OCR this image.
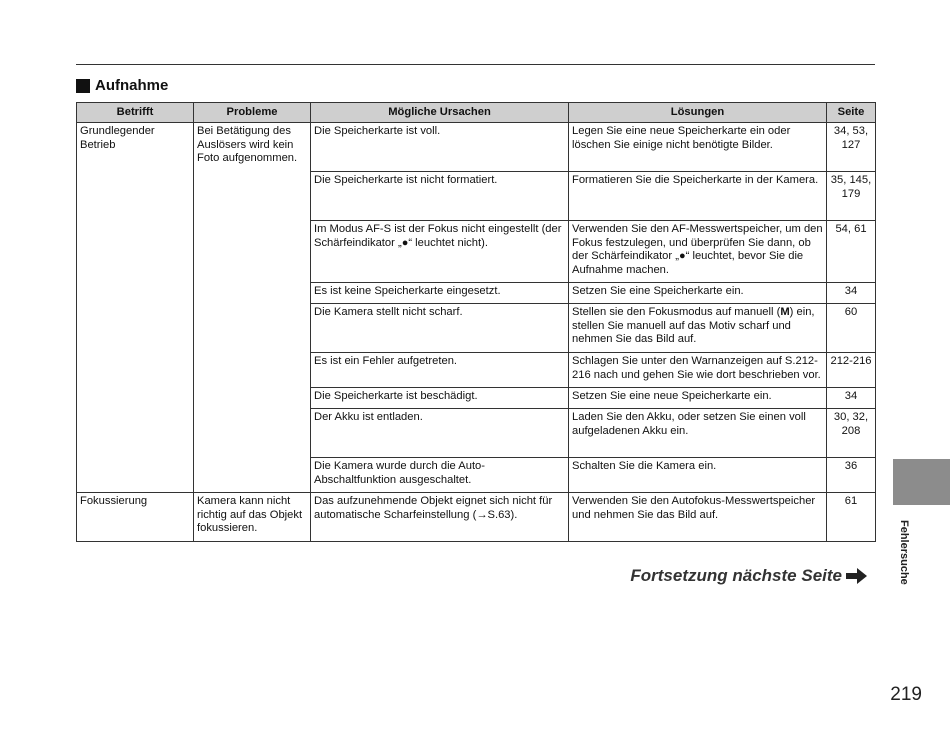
Aufnahme
Betrifft	Probleme	Mögliche Ursachen	Lösungen	Seite
Grundlegender Betrieb	Bei Betätigung des Auslösers wird kein Foto aufgenommen.	Die Speicherkarte ist voll.	Legen Sie eine neue Speicherkarte ein oder löschen Sie einige nicht benötigte Bilder.	34, 53, 127
		Die Speicherkarte ist nicht formatiert.	Formatieren Sie die Speicherkarte in der Kamera.	35, 145, 179
		Im Modus AF-S ist der Fokus nicht eingestellt (der Schärfeindikator „●“ leuchtet nicht).	Verwenden Sie den AF-Messwertspeicher, um den Fokus festzulegen, und überprüfen Sie dann, ob der Schärfeindikator „●“ leuchtet, bevor Sie die Aufnahme machen.	54, 61
		Es ist keine Speicherkarte eingesetzt.	Setzen Sie eine Speicherkarte ein.	34
		Die Kamera stellt nicht scharf.	Stellen sie den Fokusmodus auf manuell (M) ein, stellen Sie manuell auf das Motiv scharf und nehmen Sie das Bild auf.	60
		Es ist ein Fehler aufgetreten.	Schlagen Sie unter den Warnanzeigen auf S.212-216 nach und gehen Sie wie dort beschrieben vor.	212-216
		Die Speicherkarte ist beschädigt.	Setzen Sie eine neue Speicherkarte ein.	34
		Der Akku ist entladen.	Laden Sie den Akku, oder setzen Sie einen voll aufgeladenen Akku ein.	30, 32, 208
		Die Kamera wurde durch die Auto-Abschaltfunktion ausgeschaltet.	Schalten Sie die Kamera ein.	36
Fokussierung	Kamera kann nicht richtig auf das Objekt fokussieren.	Das aufzunehmende Objekt eignet sich nicht für automatische Scharfeinstellung (→S.63).	Verwenden Sie den Autofokus-Messwertspeicher und nehmen Sie das Bild auf.	61
Fortsetzung nächste Seite	Fehlersuche
219
